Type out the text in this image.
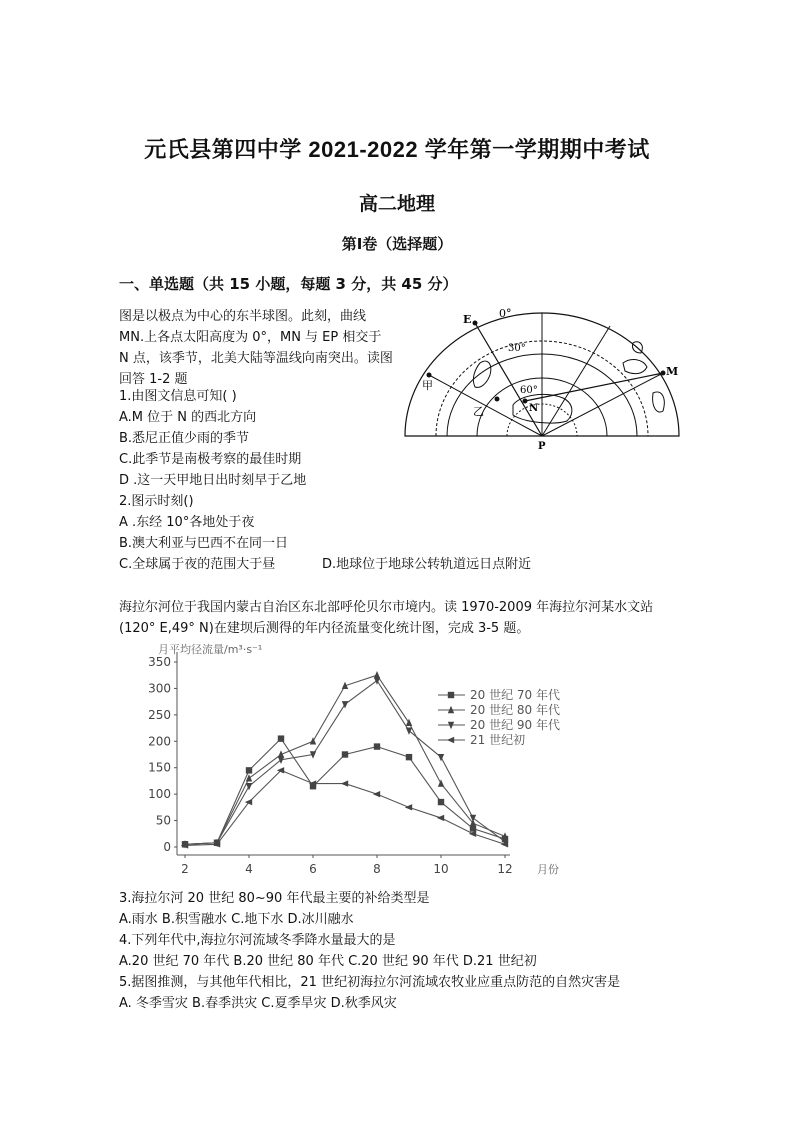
元氏县第四中学 2021-2022 学年第一学期期中考试
高二地理
第Ⅰ卷（选择题）
一、单选题（共 15 小题，每题 3 分，共 45 分）
图是以极点为中心的东半球图。此刻，曲线 MN.上各点太阳高度为 0°，MN 与 EP 相交于 N 点，该季节，北美大陆等温线向南突出。读图回答 1-2 题
1.由图文信息可知( )
A.M 位于 N 的西北方向
B.悉尼正值少雨的季节
C.此季节是南极考察的最佳时期
D .这一天甲地日出时刻早于乙地
2.图示时刻()
A .东经 10°各地处于夜
B.澳大利亚与巴西不在同一日
C.全球属于夜的范围大于昼	D.地球位于地球公转轨道远日点附近
0°
30°
60°
E
M
N
P
甲
乙
海拉尔河位于我国内蒙古自治区东北部呼伦贝尔市境内。读 1970-2009 年海拉尔河某水文站
(120° E,49° N)在建坝后测得的年内径流量变化统计图，完成 3-5 题。
0
50
100
150
200
250
300
350
2	4	6	8	10	12
月平均径流量/m³·s⁻¹
月份
20 世纪 70 年代
20 世纪 80 年代
20 世纪 90 年代
21 世纪初
3.海拉尔河 20 世纪 80~90 年代最主要的补给类型是
A.雨水 B.积雪融水 C.地下水 D.冰川融水
4.下列年代中,海拉尔河流域冬季降水量最大的是
A.20 世纪 70 年代 B.20 世纪 80 年代 C.20 世纪 90 年代 D.21 世纪初
5.据图推测，与其他年代相比，21 世纪初海拉尔河流域农牧业应重点防范的自然灾害是
A. 冬季雪灾 B.春季洪灾 C.夏季旱灾 D.秋季风灾
